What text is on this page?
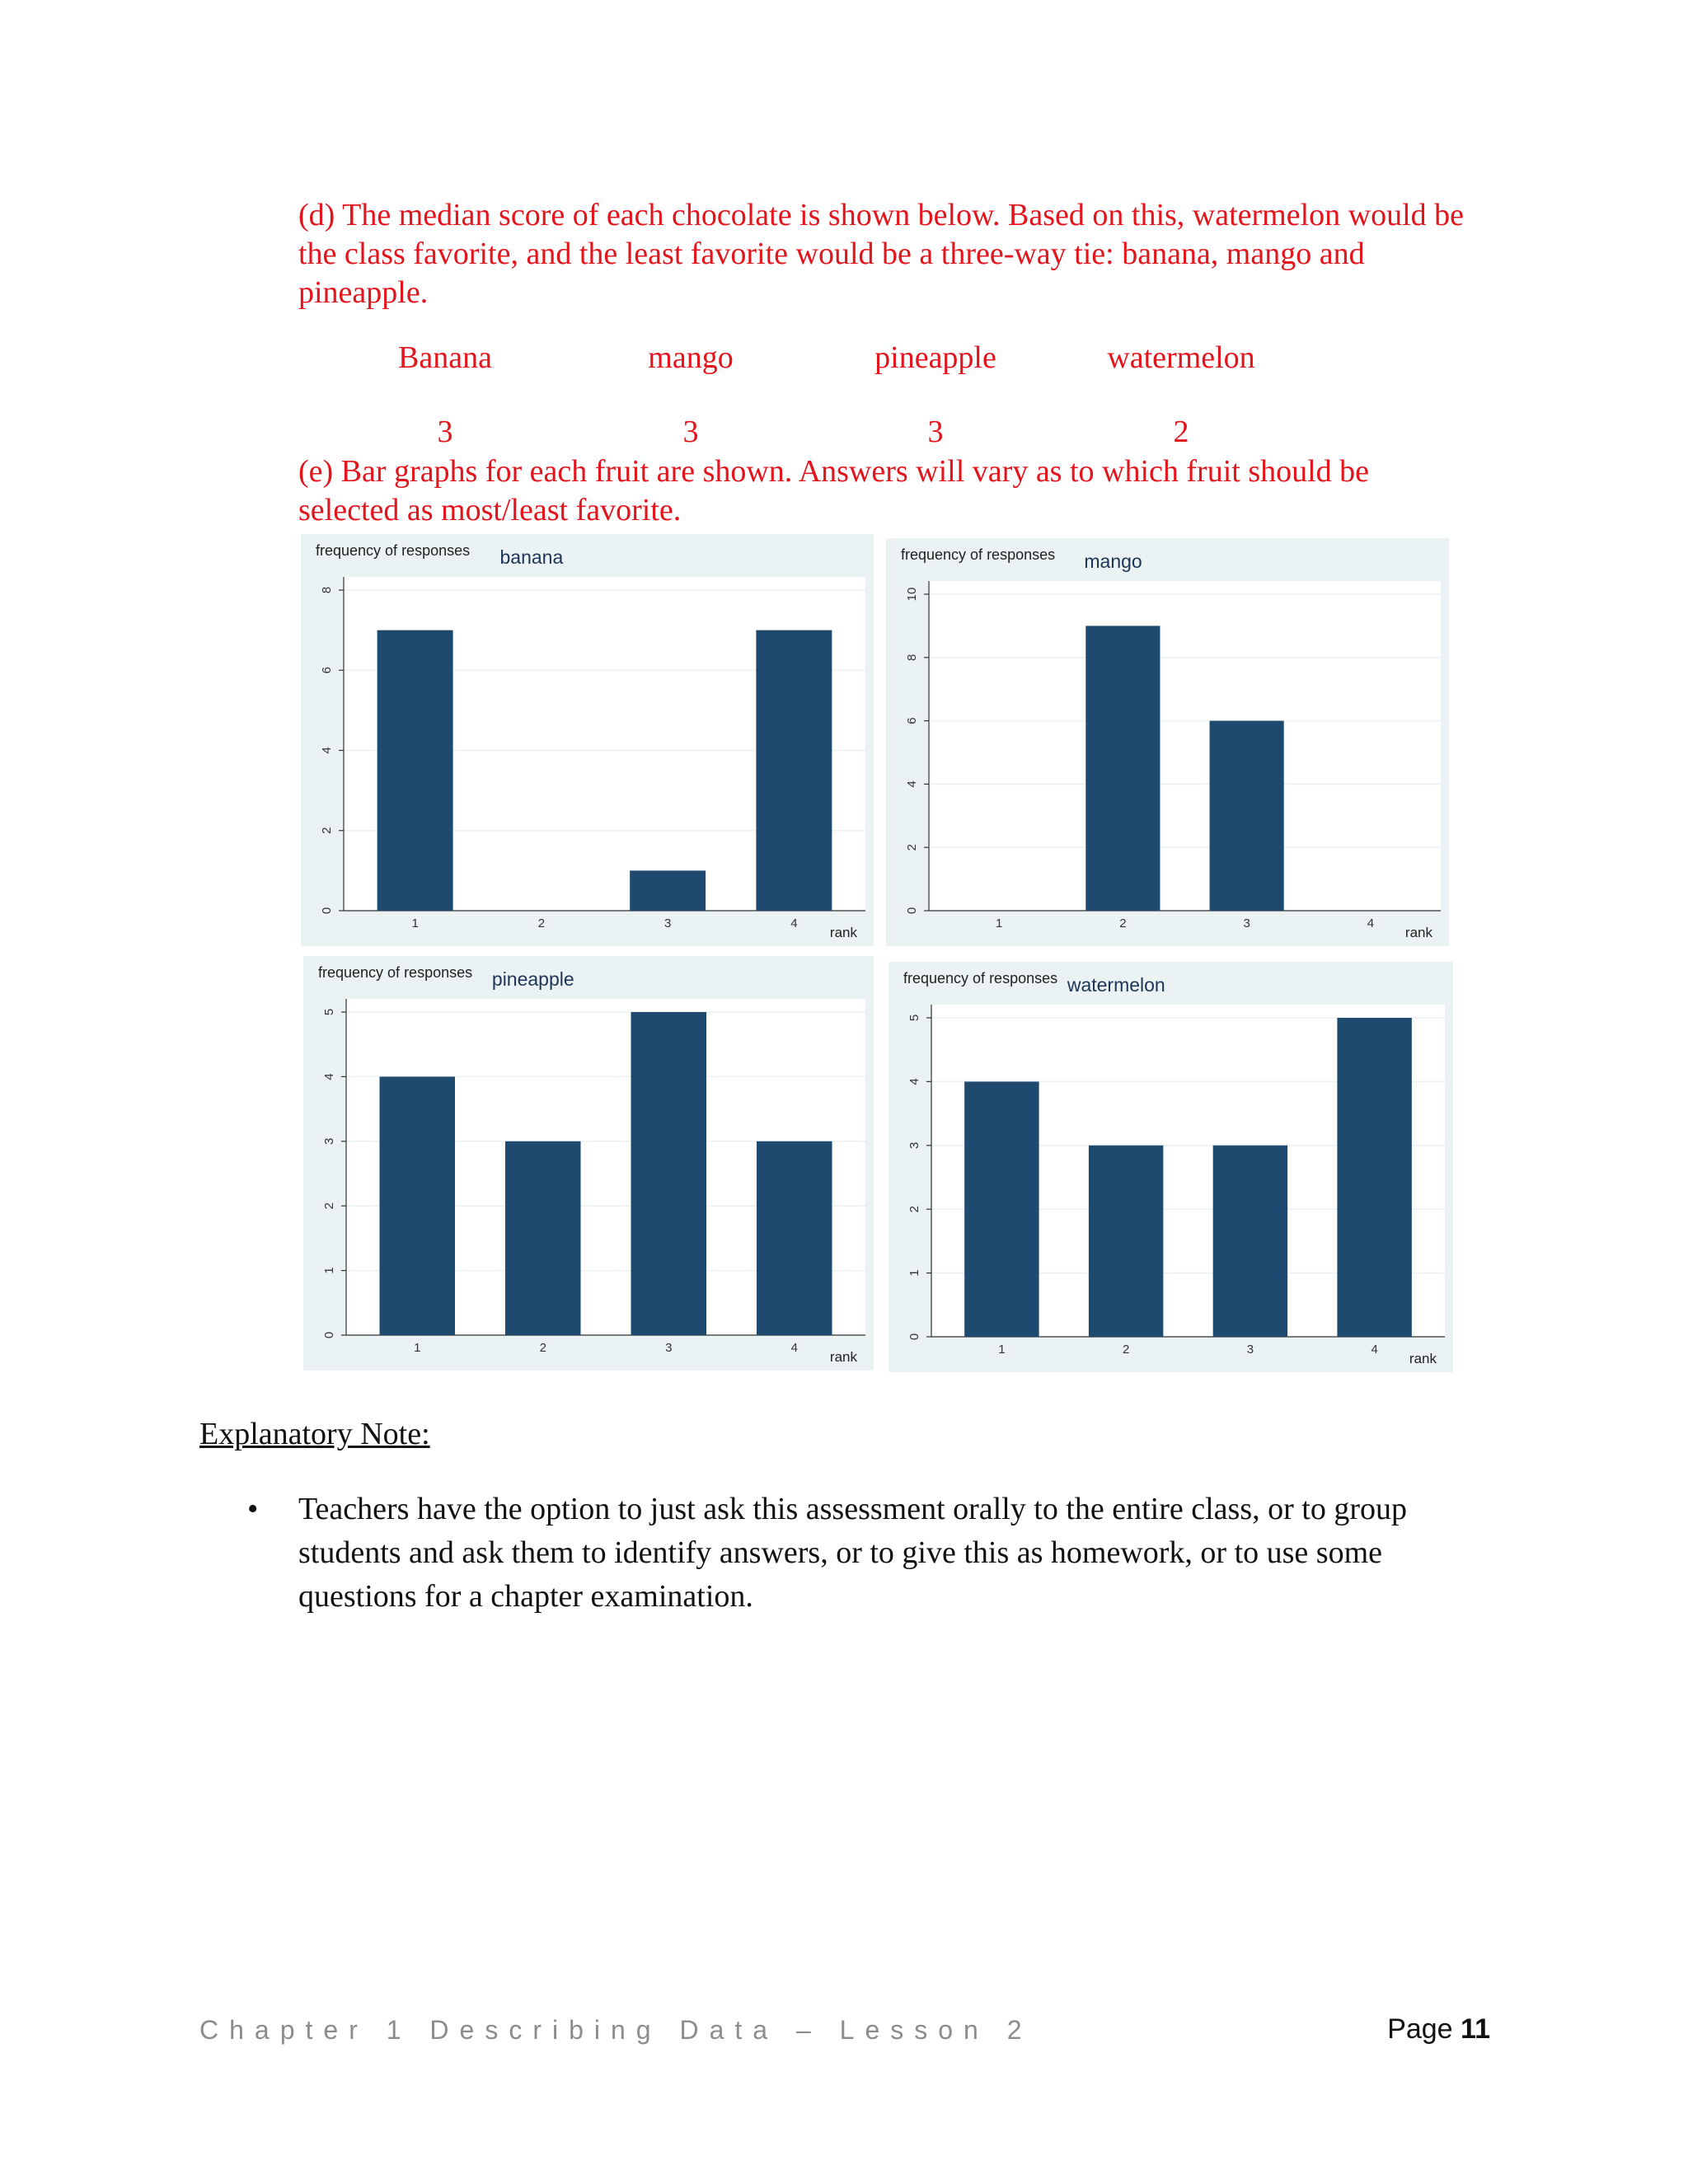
(d) The median score of each chocolate is shown below. Based on this, watermelon would be the class favorite, and the least favorite would be a three-way tie: banana, mango and pineapple.
Banana	mango	pineapple	watermelon
3	3	3	2
(e) Bar graphs for each fruit are shown. Answers will vary as to which fruit should be selected as most/least favorite.
frequency of responses banana
0
2
4
6
8
1	2	3	4
rank
frequency of responses mango
0
2
4
6
8
10
1	2	3	4
rank
frequency of responses pineapple
0
1
2
3
4
5
1	2	3	4
rank
frequency of responses watermelon
0
1
2
3
4
5
1	2	3	4
rank
Explanatory Note:
• Teachers have the option to just ask this assessment orally to the entire class, or to group students and ask them to identify answers, or to give this as homework, or to use some questions for a chapter examination.
Chapter 1 Describing Data – Lesson 2	Page 11
